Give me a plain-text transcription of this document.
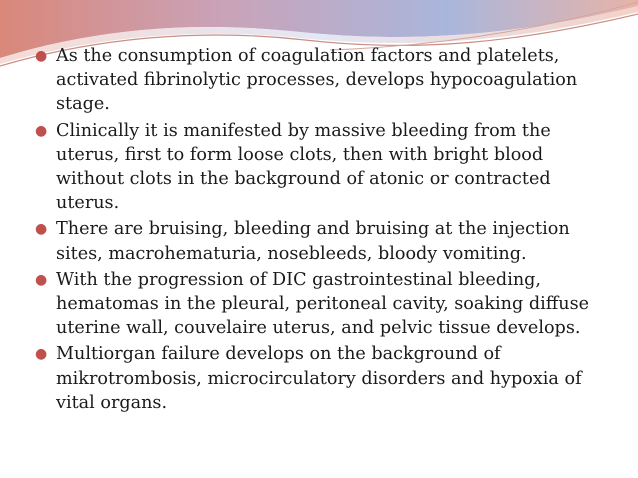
● As the consumption of coagulation factors and platelets, activated fibrinolytic processes, develops hypocoagulation stage.
● Clinically it is manifested by massive bleeding from the uterus, first to form loose clots, then with bright blood without clots in the background of atonic or contracted uterus.
● There are bruising, bleeding and bruising at the injection sites, macrohematuria, nosebleeds, bloody vomiting.
● With the progression of DIC gastrointestinal bleeding, hematomas in the pleural, peritoneal cavity, soaking diffuse uterine wall, couvelaire uterus, and pelvic tissue develops.
● Multiorgan failure develops on the background of mikrotrombosis, microcirculatory disorders and hypoxia of vital organs.
